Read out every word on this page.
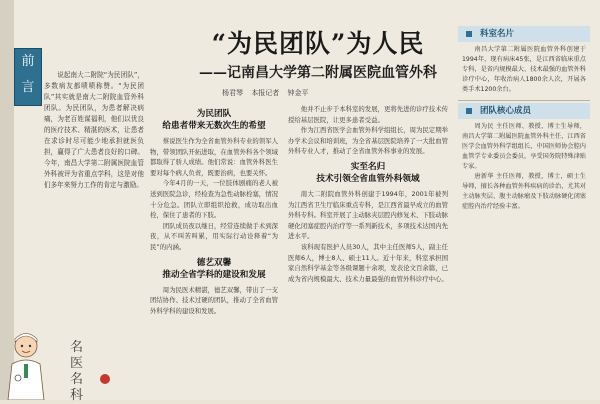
前 言

说起南大二附院“为民团队”，多数病友都啧啧称赞。“为民团队”其实就是南大二附院血管外科团队。为民团队，为患者解决病痛，为老百姓谋福利，他们以优良的医疗技术、精湛的医术，让患者在求诊时尽可能少地承担就医负担，赢得了广大患者良好的口碑。今年，南昌大学第二附属医院血管外科被评为省重点学科，这是对他们多年来努力工作的肯定与激励。

名
医
名
科
“为民团队”为人民
——记南昌大学第二附属医院血管外科
杨君琴 本报记者 钟金平
为民团队
给患者带来无数次生的希望

蔡说医生作为全省血管外科专业的领军人物，带领团队开拓进取，在血管外科各个领域都取得了骄人成绩。他们常说：血管外科医生要对每个病人负责，既要治病，也要关怀。

今年4月的一天，一位肢体剧痛的老人被送到医院急诊，经检查为急性动脉栓塞，情况十分危急。团队立即组织抢救，成功取出血栓，保住了患者的下肢。

团队成员夜以继日，经常连续做手术到深夜，从不叫苦叫累，用实际行动诠释着“为民”的内涵。

德艺双馨
推动全省学科的建设和发展

周为民医术精湛，德艺双馨，带出了一支团结协作、技术过硬的团队，推动了全省血管外科学科的建设和发展。

他并不止步于本科室的发展，更将先进的诊疗技术传授给基层医院，让更多患者受益。

作为江西省医学会血管外科学组组长，周为民定期举办学术会议和培训班，为全省基层医院培养了一大批血管外科专业人才，推动了全省血管外科事业的发展。

实至名归
技术引领全省血管外科领域

南大二附院血管外科创建于1994年，2001年被列为江西省卫生厅临床重点专科，是江西省最早成立的血管外科专科。科室开展了主动脉夹层腔内修复术、下肢动脉硬化闭塞症腔内治疗等一系列新技术，多项技术达国内先进水平。

该科现有医护人员30人，其中主任医师5人，副主任医师6人，博士8人、硕士11人。近十年来，科室承担国家自然科学基金等各级课题十余项，发表论文百余篇，已成为省内规模最大、技术力量最强的血管外科诊疗中心。

科室名片

南昌大学第二附属医院血管外科创建于1994年，现有病床45张，是江西省临床重点专科，是省内规模最大、技术最强的血管外科诊疗中心，年收治病人1800余人次，开展各类手术1200余台。

团队核心成员

周为民 主任医师、教授、博士生导师，南昌大学第二附属医院血管外科主任，江西省医学会血管外科学组组长，中国医师协会腔内血管学专业委员会委员，享受国务院特殊津贴专家。

唐新华 主任医师，教授，博士，硕士生导师，擅长各种血管外科疾病的诊治，尤其对主动脉夹层、腹主动脉瘤及下肢动脉硬化闭塞症腔内治疗经验丰富。
